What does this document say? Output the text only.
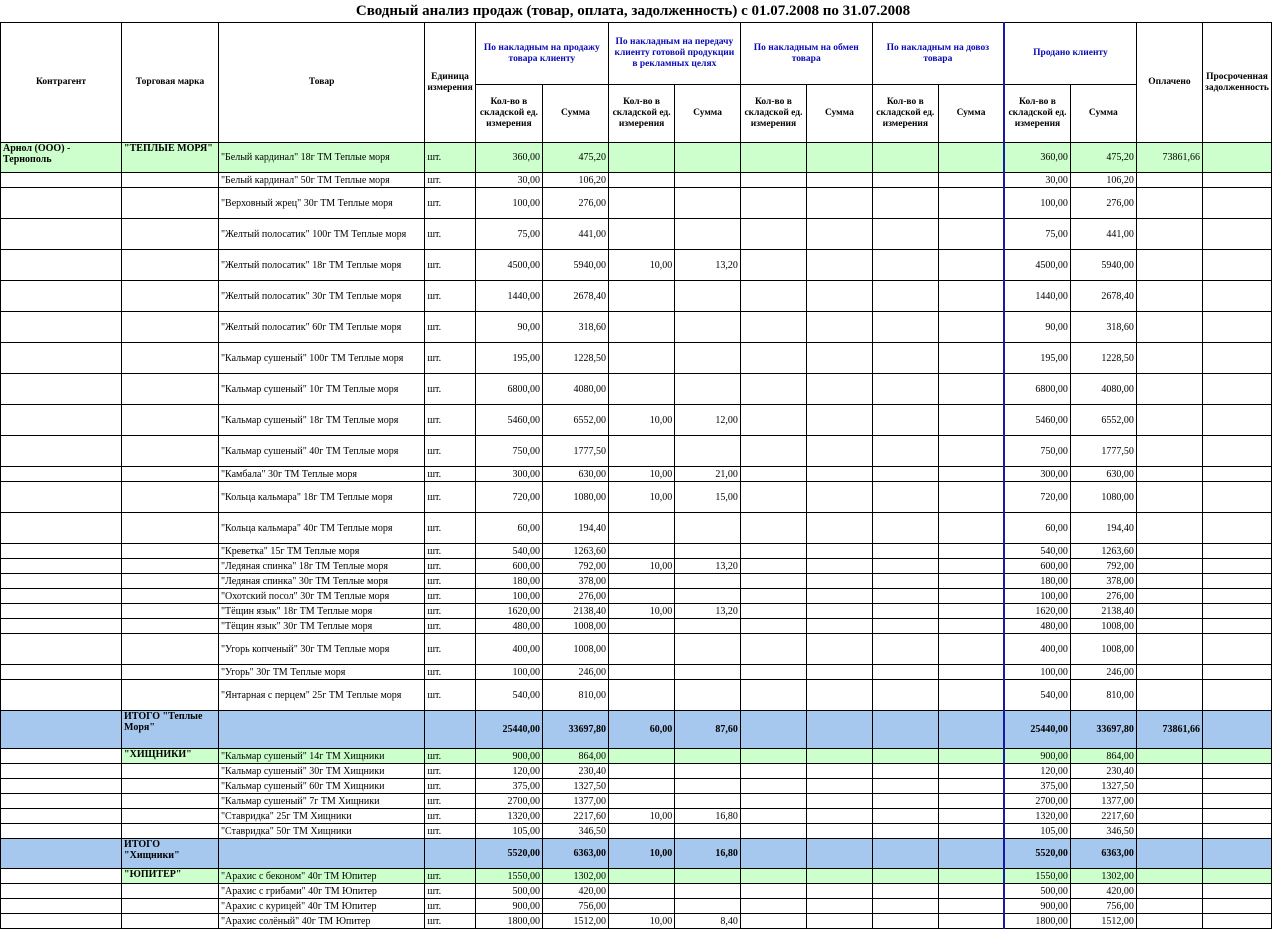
Сводный анализ продаж (товар, оплата, задолженность) с 01.07.2008 по 31.07.2008
Контрагент	Торговая марка	Товар	Единица измерения	По накладным на продажу товара клиенту		По накладным на передачу клиенту готовой продукции в рекламных целях		По накладным на обмен товара		По накладным на довоз товара		Продано клиенту		Оплачено	Просроченная задолженность
				Кол-во в складской ед. измерения	Сумма	Кол-во в складской ед. измерения	Сумма	Кол-во в складской ед. измерения	Сумма	Кол-во в складской ед. измерения	Сумма	Кол-во в складской ед. измерения	Сумма		
Арнол (ООО) - Тернополь	"ТЕПЛЫЕ МОРЯ"	"Белый кардинал" 18г ТМ Теплые моря	шт.	360,00	475,20							360,00	475,20	73861,66	
		"Белый кардинал" 50г ТМ Теплые моря	шт.	30,00	106,20							30,00	106,20		
		"Верховный жрец" 30г ТМ Теплые моря	шт.	100,00	276,00							100,00	276,00		
		"Желтый полосатик" 100г ТМ Теплые моря	шт.	75,00	441,00							75,00	441,00		
		"Желтый полосатик" 18г ТМ Теплые моря	шт.	4500,00	5940,00	10,00	13,20					4500,00	5940,00		
		"Желтый полосатик" 30г ТМ Теплые моря	шт.	1440,00	2678,40							1440,00	2678,40		
		"Желтый полосатик" 60г ТМ Теплые моря	шт.	90,00	318,60							90,00	318,60		
		"Кальмар сушеный" 100г ТМ Теплые моря	шт.	195,00	1228,50							195,00	1228,50		
		"Кальмар сушеный" 10г ТМ Теплые моря	шт.	6800,00	4080,00							6800,00	4080,00		
		"Кальмар сушеный" 18г ТМ Теплые моря	шт.	5460,00	6552,00	10,00	12,00					5460,00	6552,00		
		"Кальмар сушеный" 40г ТМ Теплые моря	шт.	750,00	1777,50							750,00	1777,50		
		"Камбала" 30г ТМ Теплые моря	шт.	300,00	630,00	10,00	21,00					300,00	630,00		
		"Кольца кальмара" 18г ТМ Теплые моря	шт.	720,00	1080,00	10,00	15,00					720,00	1080,00		
		"Кольца кальмара" 40г ТМ Теплые моря	шт.	60,00	194,40							60,00	194,40		
		"Креветка" 15г ТМ Теплые моря	шт.	540,00	1263,60							540,00	1263,60		
		"Ледяная спинка" 18г ТМ Теплые моря	шт.	600,00	792,00	10,00	13,20					600,00	792,00		
		"Ледяная спинка" 30г ТМ Теплые моря	шт.	180,00	378,00							180,00	378,00		
		"Охотский посол" 30г ТМ Теплые моря	шт.	100,00	276,00							100,00	276,00		
		"Тёщин язык" 18г ТМ Теплые моря	шт.	1620,00	2138,40	10,00	13,20					1620,00	2138,40		
		"Тёщин язык" 30г ТМ Теплые моря	шт.	480,00	1008,00							480,00	1008,00		
		"Угорь копченый" 30г ТМ Теплые моря	шт.	400,00	1008,00							400,00	1008,00		
		"Угорь" 30г ТМ Теплые моря	шт.	100,00	246,00							100,00	246,00		
		"Янтарная с перцем" 25г ТМ Теплые моря	шт.	540,00	810,00							540,00	810,00		
	ИТОГО "Теплые Моря"			25440,00	33697,80	60,00	87,60					25440,00	33697,80	73861,66	
	"ХИЩНИКИ"	"Кальмар сушеный" 14г ТМ Хищники	шт.	900,00	864,00							900,00	864,00		
		"Кальмар сушеный" 30г ТМ Хищники	шт.	120,00	230,40							120,00	230,40		
		"Кальмар сушеный" 60г ТМ Хищники	шт.	375,00	1327,50							375,00	1327,50		
		"Кальмар сушеный" 7г ТМ Хищники	шт.	2700,00	1377,00							2700,00	1377,00		
		"Ставридка" 25г ТМ Хищники	шт.	1320,00	2217,60	10,00	16,80					1320,00	2217,60		
		"Ставридка" 50г ТМ Хищники	шт.	105,00	346,50							105,00	346,50		
	ИТОГО "Хищники"			5520,00	6363,00	10,00	16,80					5520,00	6363,00		
	"ЮПИТЕР"	"Арахис с беконом" 40г ТМ Юпитер	шт.	1550,00	1302,00							1550,00	1302,00		
		"Арахис с грибами" 40г ТМ Юпитер	шт.	500,00	420,00							500,00	420,00		
		"Арахис с курицей" 40г ТМ Юпитер	шт.	900,00	756,00							900,00	756,00		
		"Арахис солёный" 40г ТМ Юпитер	шт.	1800,00	1512,00	10,00	8,40					1800,00	1512,00		
